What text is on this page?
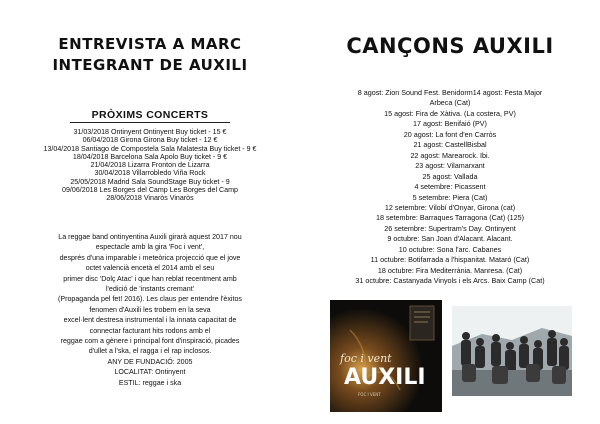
ENTREVISTA A MARC
INTEGRANT DE AUXILI
PRÒXIMS CONCERTS
31/03/2018 Ontinyent Ontinyent Buy ticket - 15 €
06/04/2018 Girona Girona Buy ticket - 12 €
13/04/2018 Santiago de Compostela Sala Malatesta Buy ticket - 9 €
18/04/2018 Barcelona Sala Apolo Buy ticket - 9 €
21/04/2018 Lizarra Fronton de Lizarra
30/04/2018 Villarrobledo Viña Rock
25/05/2018 Madrid Sala SoundStage Buy ticket - 9
09/06/2018 Les Borges del Camp Les Borges del Camp
28/06/2018 Vinaròs Vinaròs
La reggae band ontinyentina Auxili girarà aquest 2017 nou
espectacle amb la gira 'Foc i vent',
després d'una imparable i meteòrica projecció que el jove
octet valencià encetà el 2014 amb el seu
primer disc 'Dolç Atac' i que han reblat recentment amb
l'edició de 'instants cremant'
(Propaganda pel fet! 2016). Les claus per entendre l'èxitos
fenomen d'Auxili les trobem en la seva
excel·lent destresa instrumental i la innata capacitat de
connectar facturant hits rodons amb el
reggae com a gènere i principal font d'inspiració, picades
d'ullet a l'ska, el ragga i el rap inclosos.
ANY DE FUNDACIÓ: 2005
LOCALITAT: Ontinyent
ESTIL: reggae i ska
CANÇONS AUXILI
8 agost: Zion Sound Fest. Benidorm14 agost: Festa Major
Arbeca (Cat)
15 agost: Fira de Xàtiva. (La costera, PV)
17 agost: Benifaió (PV)
20 agost: La font d'en Carròs
21 agost: CastellBisbal
22 agost: Marearock. Ibi.
23 agost: Vilamarxant
25 agost: Vallada
4 setembre: Picassent
5 setembre: Piera (Cat)
12 setembre: Vilobí d'Onyar, Girona (cat)
18 setembre: Barraques Tarragona (Cat) (125)
26 setembre: Supertram's Day. Ontinyent
9 octubre: San Joan d'Alacant. Alacant.
10 octubre: Sona l'arc. Cabanes
11 octubre: Botifarrada a l'hispanitat. Mataró (Cat)
18 octubre: Fira Mediterrània. Manresa. (Cat)
31 octubre: Castanyada Vinyols i els Arcs. Baix Camp (Cat)
foc i vent
AUXILI
FOC I VENT
